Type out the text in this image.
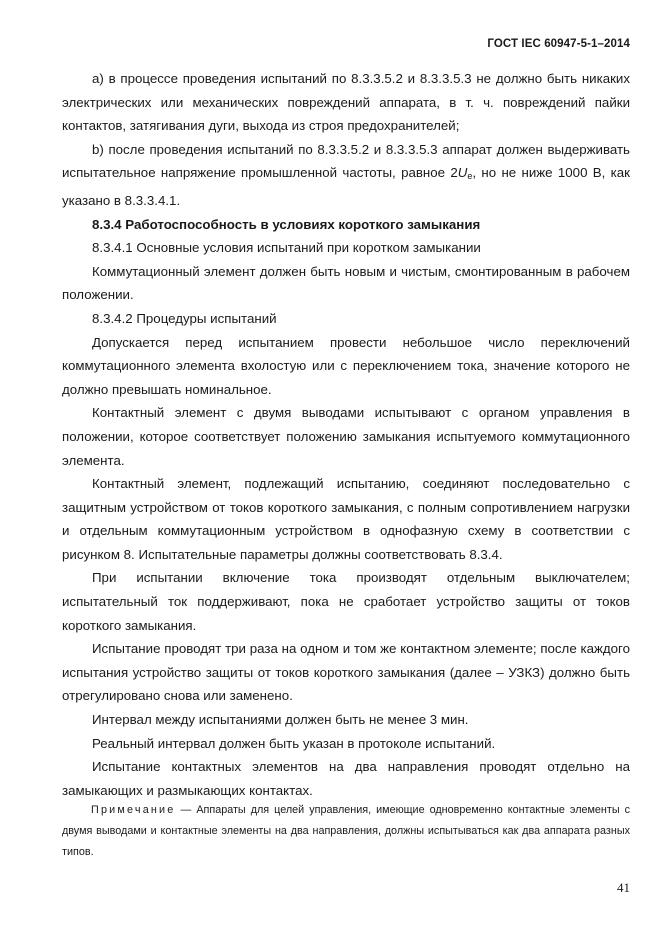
ГОСТ IEC 60947-5-1–2014

а) в процессе проведения испытаний по 8.3.3.5.2 и 8.3.3.5.3 не должно быть никаких электрических или механических повреждений аппарата, в т. ч. повреждений пайки контактов, затягивания дуги, выхода из строя предохранителей;

b) после проведения испытаний по 8.3.3.5.2 и 8.3.3.5.3 аппарат должен выдерживать испытательное напряжение промышленной частоты, равное 2Ue, но не ниже 1000 В, как указано в 8.3.3.4.1.

8.3.4 Работоспособность в условиях короткого замыкания

8.3.4.1 Основные условия испытаний при коротком замыкании

Коммутационный элемент должен быть новым и чистым, смонтированным в рабочем положении.

8.3.4.2 Процедуры испытаний

Допускается перед испытанием провести небольшое число переключений коммутационного элемента вхолостую или с переключением тока, значение которого не должно превышать номинальное.

Контактный элемент с двумя выводами испытывают с органом управления в положении, которое соответствует положению замыкания испытуемого коммутационного элемента.

Контактный элемент, подлежащий испытанию, соединяют последовательно с защитным устройством от токов короткого замыкания, с полным сопротивлением нагрузки и отдельным коммутационным устройством в однофазную схему в соответствии с рисунком 8. Испытательные параметры должны соответствовать 8.3.4.

При испытании включение тока производят отдельным выключателем; испытательный ток поддерживают, пока не сработает устройство защиты от токов короткого замыкания.

Испытание проводят три раза на одном и том же контактном элементе; после каждого испытания устройство защиты от токов короткого замыкания (далее – УЗКЗ) должно быть отрегулировано снова или заменено.

Интервал между испытаниями должен быть не менее 3 мин.

Реальный интервал должен быть указан в протоколе испытаний.

Испытание контактных элементов на два направления проводят отдельно на замыкающих и размыкающих контактах.

Примечание — Аппараты для целей управления, имеющие одновременно контактные элементы с двумя выводами и контактные элементы на два направления, должны испытываться как два аппарата разных типов.

41
